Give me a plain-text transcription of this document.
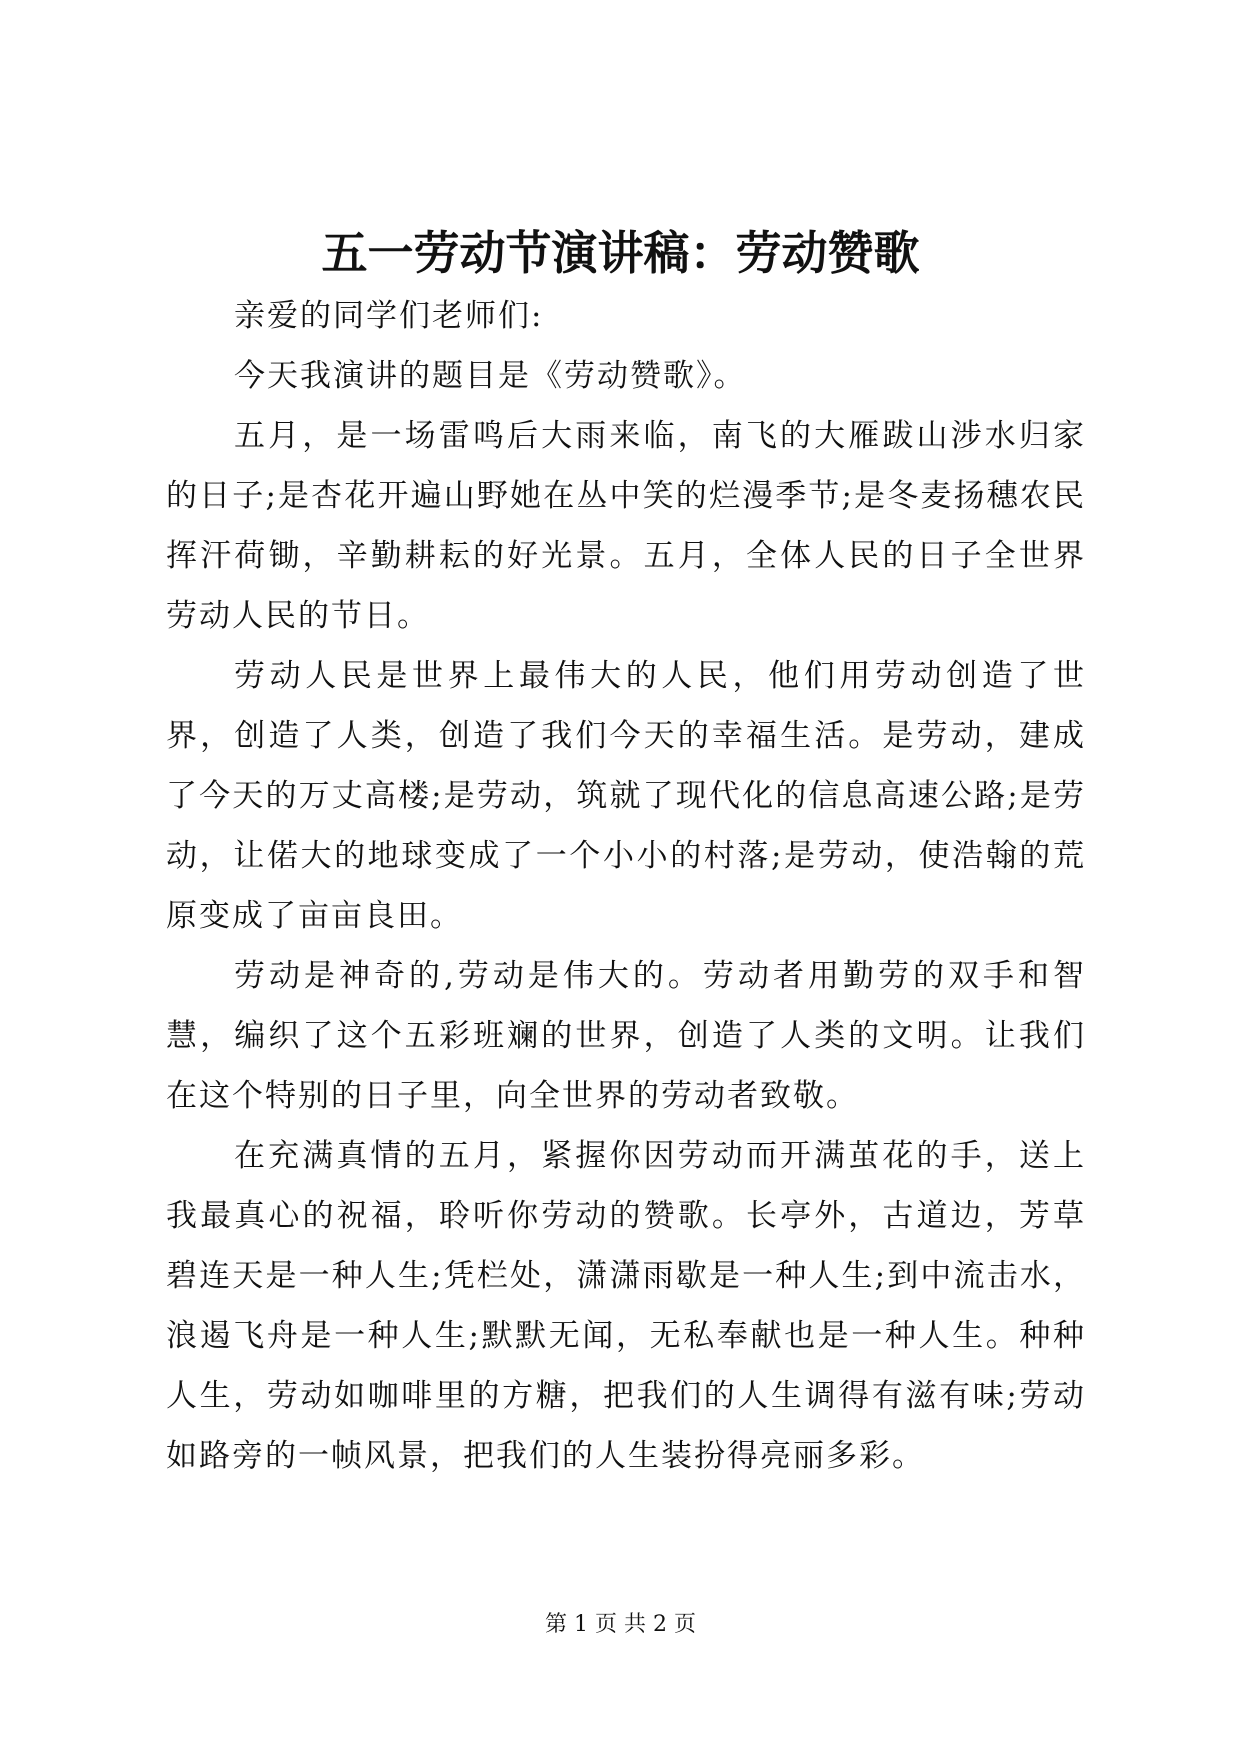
五一劳动节演讲稿：劳动赞歌

亲爱的同学们老师们:

今天我演讲的题目是《劳动赞歌》。

五月，是一场雷鸣后大雨来临，南飞的大雁跋山涉水归家的日子;是杏花开遍山野她在丛中笑的烂漫季节;是冬麦扬穗农民挥汗荷锄，辛勤耕耘的好光景。五月，全体人民的日子全世界劳动人民的节日。

劳动人民是世界上最伟大的人民，他们用劳动创造了世界，创造了人类，创造了我们今天的幸福生活。是劳动，建成了今天的万丈高楼;是劳动，筑就了现代化的信息高速公路;是劳动，让偌大的地球变成了一个小小的村落;是劳动，使浩翰的荒原变成了亩亩良田。

劳动是神奇的,劳动是伟大的。劳动者用勤劳的双手和智慧，编织了这个五彩班斓的世界，创造了人类的文明。让我们在这个特别的日子里，向全世界的劳动者致敬。

在充满真情的五月，紧握你因劳动而开满茧花的手，送上我最真心的祝福，聆听你劳动的赞歌。长亭外，古道边，芳草碧连天是一种人生;凭栏处，潇潇雨歇是一种人生;到中流击水，浪遏飞舟是一种人生;默默无闻，无私奉献也是一种人生。种种人生，劳动如咖啡里的方糖，把我们的人生调得有滋有味;劳动如路旁的一帧风景，把我们的人生装扮得亮丽多彩。

第 1 页 共 2 页
